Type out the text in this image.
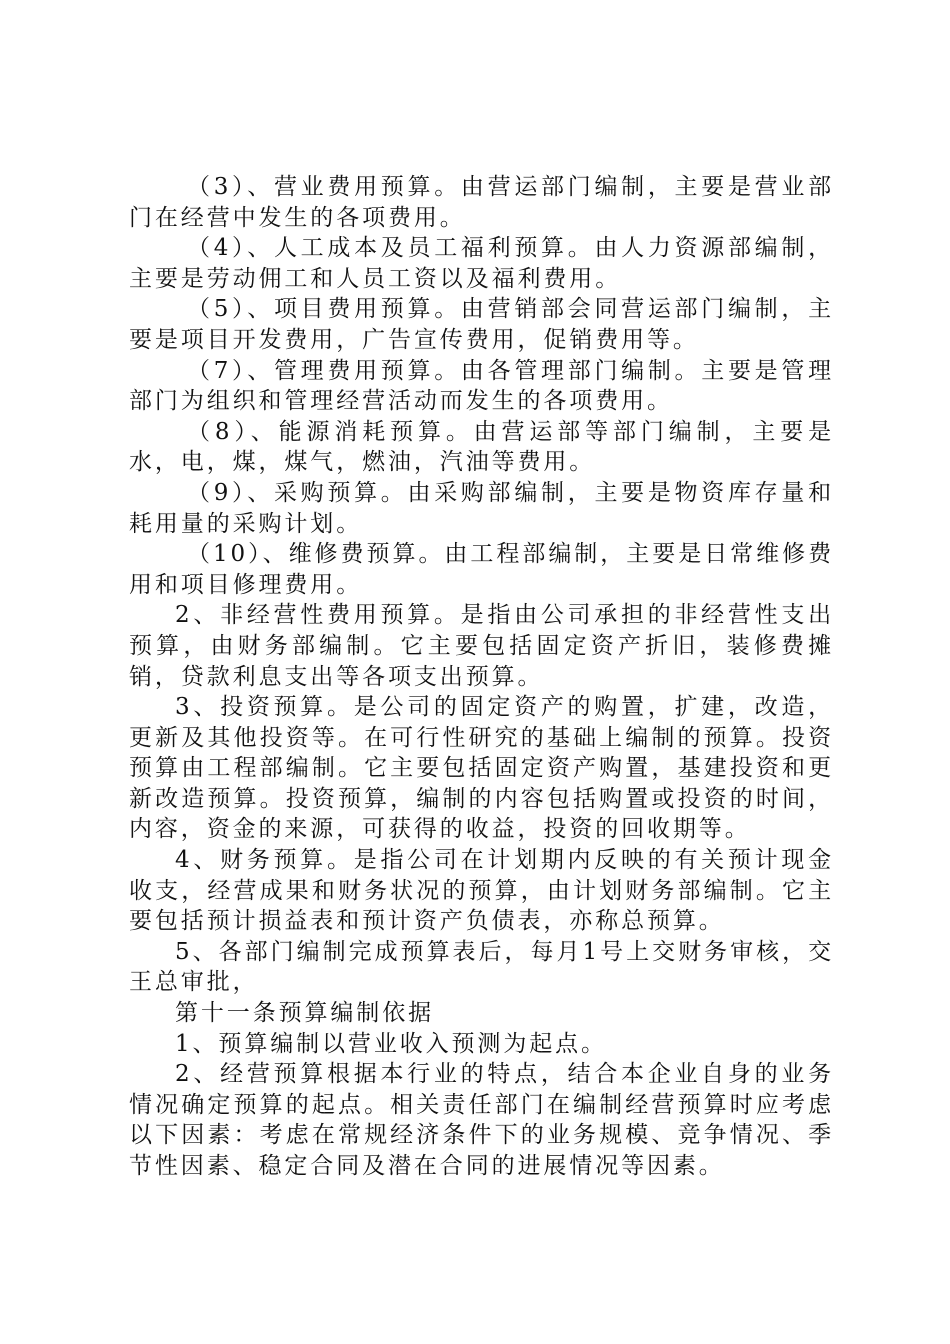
（3）、营业费用预算。由营运部门编制，主要是营业部门在经营中发生的各项费用。

（4）、人工成本及员工福利预算。由人力资源部编制，主要是劳动佣工和人员工资以及福利费用。

（5）、项目费用预算。由营销部会同营运部门编制，主要是项目开发费用，广告宣传费用，促销费用等。

（7）、管理费用预算。由各管理部门编制。主要是管理部门为组织和管理经营活动而发生的各项费用。

（8）、能源消耗预算。由营运部等部门编制，主要是水，电，煤，煤气，燃油，汽油等费用。

（9）、采购预算。由采购部编制，主要是物资库存量和耗用量的采购计划。

（10）、维修费预算。由工程部编制，主要是日常维修费用和项目修理费用。

2、非经营性费用预算。是指由公司承担的非经营性支出预算，由财务部编制。它主要包括固定资产折旧，装修费摊销，贷款利息支出等各项支出预算。

3、投资预算。是公司的固定资产的购置，扩建，改造，更新及其他投资等。在可行性研究的基础上编制的预算。投资预算由工程部编制。它主要包括固定资产购置，基建投资和更新改造预算。投资预算，编制的内容包括购置或投资的时间，内容，资金的来源，可获得的收益，投资的回收期等。

4、财务预算。是指公司在计划期内反映的有关预计现金收支，经营成果和财务状况的预算，由计划财务部编制。它主要包括预计损益表和预计资产负债表，亦称总预算。

5、各部门编制完成预算表后，每月1号上交财务审核，交王总审批，

第十一条预算编制依据

1、预算编制以营业收入预测为起点。

2、经营预算根据本行业的特点，结合本企业自身的业务情况确定预算的起点。相关责任部门在编制经营预算时应考虑以下因素：考虑在常规经济条件下的业务规模、竞争情况、季节性因素、稳定合同及潜在合同的进展情况等因素。
